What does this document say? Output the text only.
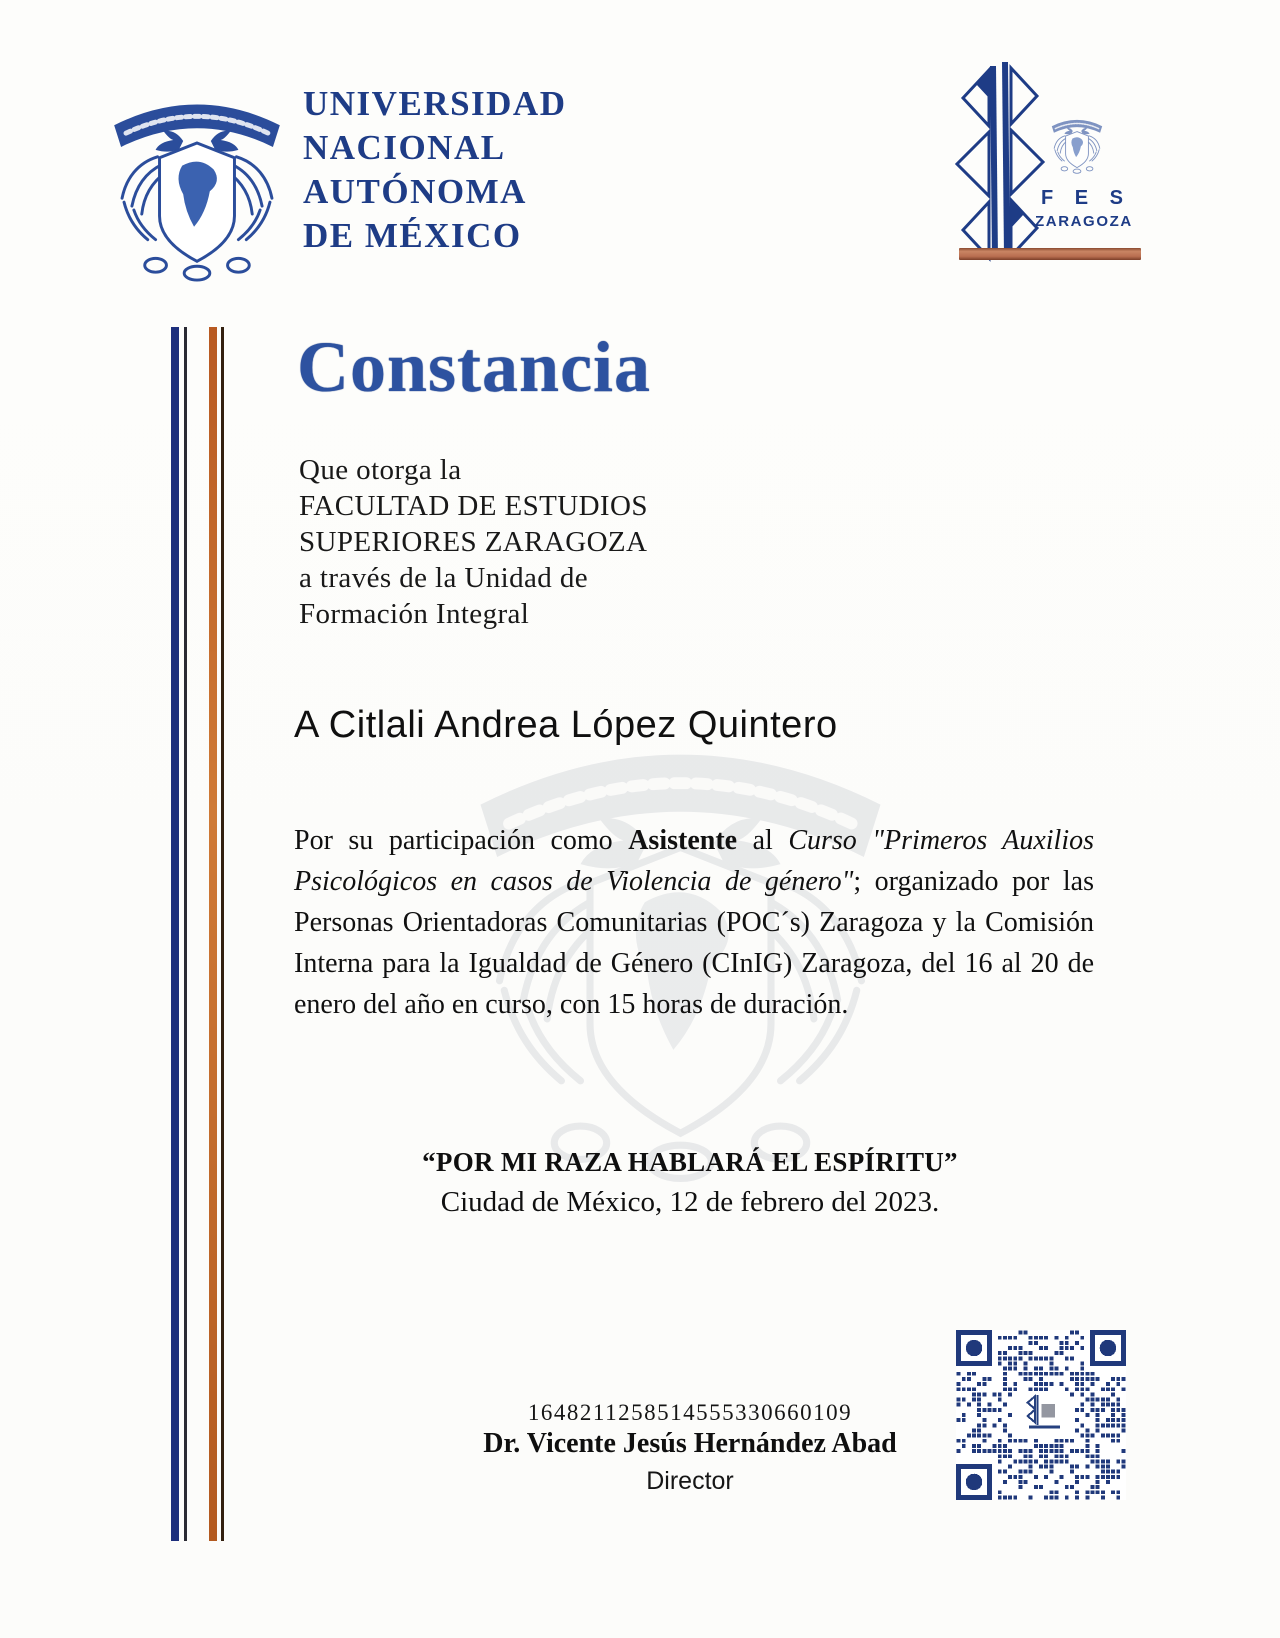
UNIVERSIDAD
NACIONAL
AUTÓNOMA
DE MÉXICO
F E S
ZARAGOZA
Constancia
Que otorga la
FACULTAD DE ESTUDIOS
SUPERIORES ZARAGOZA
a través de la Unidad de
Formación Integral
A Citlali Andrea López Quintero
Por su participación como Asistente al Curso "Primeros Auxilios Psicológicos en casos de Violencia de género"; organizado por las Personas Orientadoras Comunitarias (POC´s) Zaragoza y la Comisión Interna para la Igualdad de Género (CInIG) Zaragoza, del 16 al 20 de enero del año en curso, con 15 horas de duración.
“POR MI RAZA HABLARÁ EL ESPÍRITU”
Ciudad de México, 12 de febrero del 2023.
1648211258514555330660109
Dr. Vicente Jesús Hernández Abad
Director
